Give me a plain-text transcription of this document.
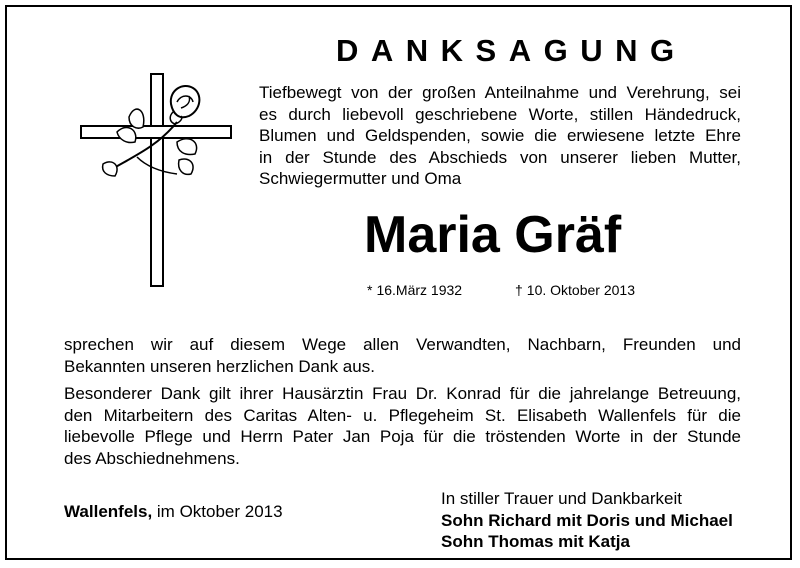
DANKSAGUNG
Tiefbewegt von der großen Anteilnahme und Verehrung, sei
es durch liebevoll geschriebene Worte, stillen Händedruck,
Blumen und Geldspenden, sowie die erwiesene letzte Ehre
in der Stunde des Abschieds von unserer lieben Mutter,
Schwiegermutter und Oma
Maria Gräf
* 16.März 1932	† 10. Oktober 2013
sprechen wir auf diesem Wege allen Verwandten, Nachbarn, Freunden und
Bekannten unseren herzlichen Dank aus.
Besonderer Dank gilt ihrer Hausärztin Frau Dr. Konrad für die jahrelange Betreuung,
den Mitarbeitern des Caritas Alten- u. Pflegeheim St. Elisabeth Wallenfels für die
liebevolle Pflege und Herrn Pater Jan Poja für die tröstenden Worte in der Stunde
des Abschiednehmens.
Wallenfels, im Oktober 2013
In stiller Trauer und Dankbarkeit
Sohn Richard mit Doris und Michael
Sohn Thomas mit Katja
